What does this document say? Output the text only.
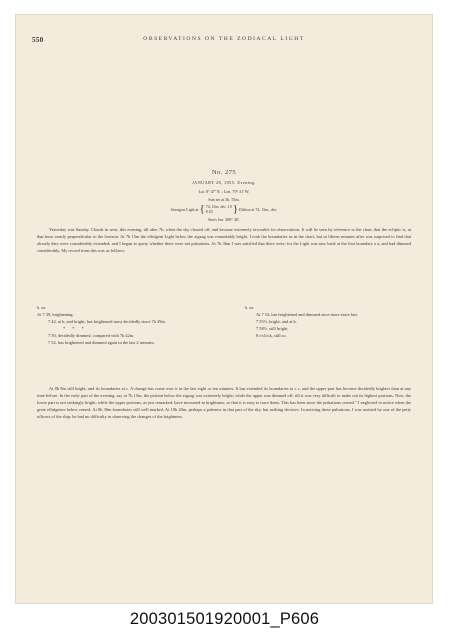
550	OBSERVATIONS ON THE ZODIACAL LIGHT
No. 275
JANUARY 28, 1855: Evening.
Lat. 8° 47' N. ; Lon. 79° 31' W.
Sun set at 5h. 55m.
Strongest Light at { 74, 15m. dec. 10
8 20	} Diffuse at 74, 15m., dec.
Sun's lon. 308° 40'.

Yesterday was Sunday. Clouds in west, this evening, till after 7h, when the sky cleared off, and became extremely favorable for observations. It will be seen by reference to the chart, that the ecliptic is, at that hour, nearly perpendicular to the horizon. At 7h 15m the effulgent Light below the zigzag was remarkably bright. I took the boundaries as in the chart, but in fifteen minutes after was surprised to find that already they were considerably extended; and I began to query whether there were not pulsations. At 7h 36m I was satisfied that there were; for the Light was now back at the first boundary a a, and had dimmed considerably. My record from this was as follows:

h. m.
At 7 39, brightening.
7 42, at b, and bright; has brightened most decidedly since 7h 39m.
* * *
7 50, decidedly dimmed, compared with 7h 42m.
7 52, has brightened and dimmed again in the last 2 minutes.
h. m.
At 7 54, has brightened and dimmed once more since last.
7 55½, bright, and at b.
7 58½, still bright.
8 o'clock, still so.

At 8h 8m still bright, and its boundaries at c. A change has come over it in the last eight or ten minutes. It has extended its boundaries to c c, and the upper part has become decidedly brighter than at any time before. In the early part of the evening, say at 7h 15m, the portion below the zigzag was extremely bright; while the upper was dimmed off, till it was very difficult to make out its highest portions. Now, the lower part is not strikingly bright; while the upper portions, as just remarked, have increased in brightness, so that it is easy to trace them. This has been since the pulsations ceased." I neglected to notice when the great effulgence below ceased. At 8h 30m boundaries still well marked. At 10h 20m, perhaps a paleness in that part of the sky, but nothing decisive. In noticing these pulsations, I was assisted by one of the petty officers of the ship: he had no difficulty in observing the changes of the brightness.

200301501920001_P606
